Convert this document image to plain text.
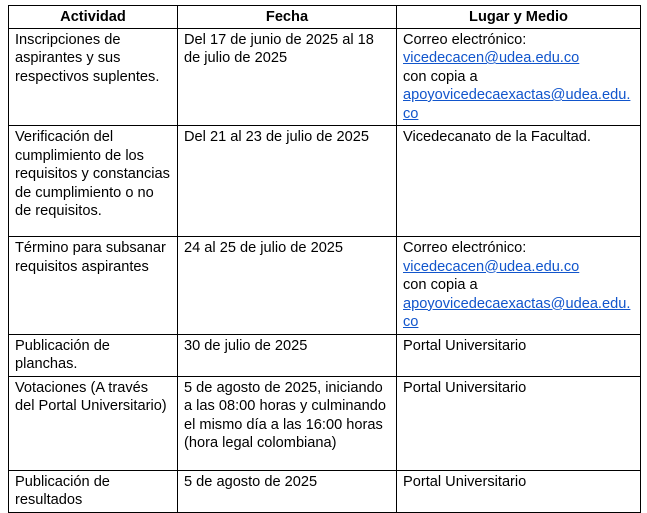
Actividad	Fecha	Lugar y Medio
Inscripciones de aspirantes y sus respectivos suplentes.	Del 17 de junio de 2025 al 18 de julio de 2025	Correo electrónico:
vicedecacen@udea.edu.co
con copia a
apoyovicedecaexactas@udea.edu.co

Verificación del cumplimiento de los requisitos y constancias de cumplimiento o no de requisitos.	Del 21 al 23 de julio de 2025	Vicedecanato de la Facultad.
Término para subsanar requisitos aspirantes	24 al 25 de julio de 2025	Correo electrónico:
vicedecacen@udea.edu.co
con copia a
apoyovicedecaexactas@udea.edu.co

Publicación de planchas.	30 de julio de 2025	Portal Universitario
Votaciones (A través del Portal Universitario)	5 de agosto de 2025, iniciando a las 08:00 horas y culminando el mismo día a las 16:00 horas (hora legal colombiana)	Portal Universitario
Publicación de resultados	5 de agosto de 2025	Portal Universitario
